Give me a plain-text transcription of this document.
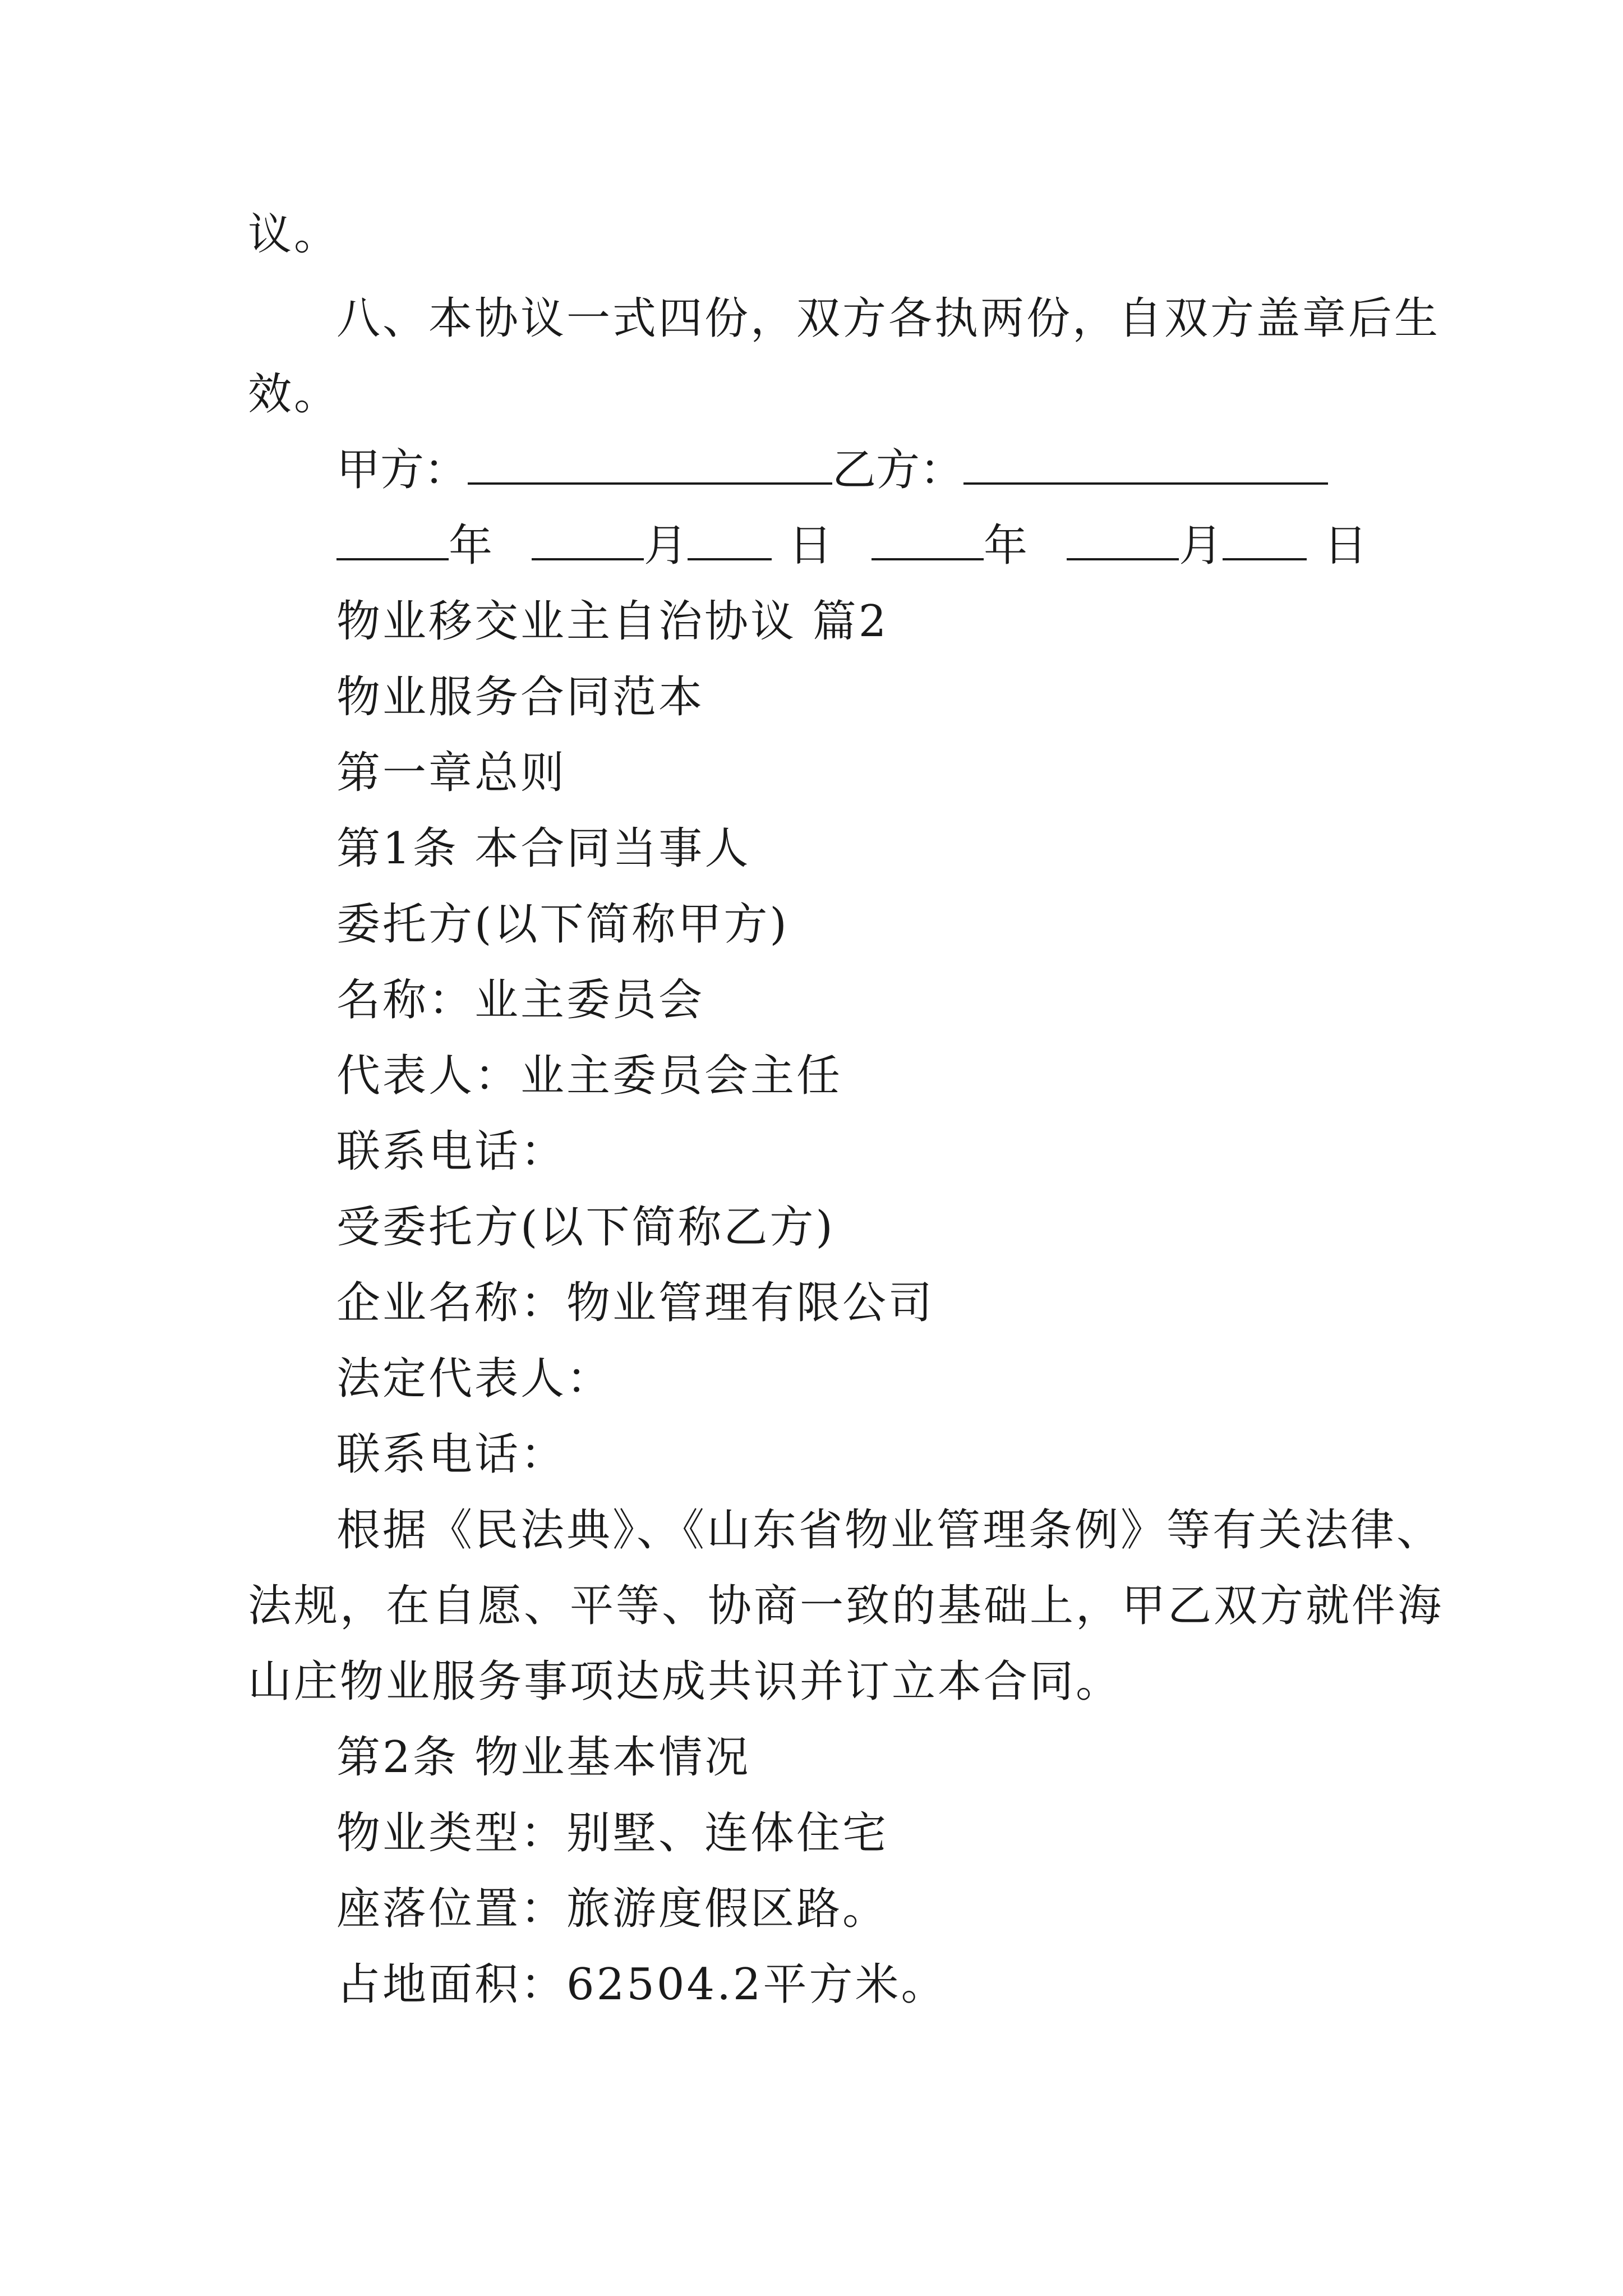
议。
八、本协议一式四份，双方各执两份，自双方盖章后生
效。
甲方：	乙方：
年	月 日	年	月 日
物业移交业主自治协议 篇2
物业服务合同范本
第一章总则
第1条 本合同当事人
委托方(以下简称甲方)
名称：业主委员会
代表人：业主委员会主任
联系电话：
受委托方(以下简称乙方)
企业名称：物业管理有限公司
法定代表人：
联系电话：
根据《民法典》、《山东省物业管理条例》等有关法律、
法规，在自愿、平等、协商一致的基础上，甲乙双方就伴海
山庄物业服务事项达成共识并订立本合同。
第2条 物业基本情况
物业类型：别墅、连体住宅
座落位置：旅游度假区路。
占地面积：62504.2平方米。
